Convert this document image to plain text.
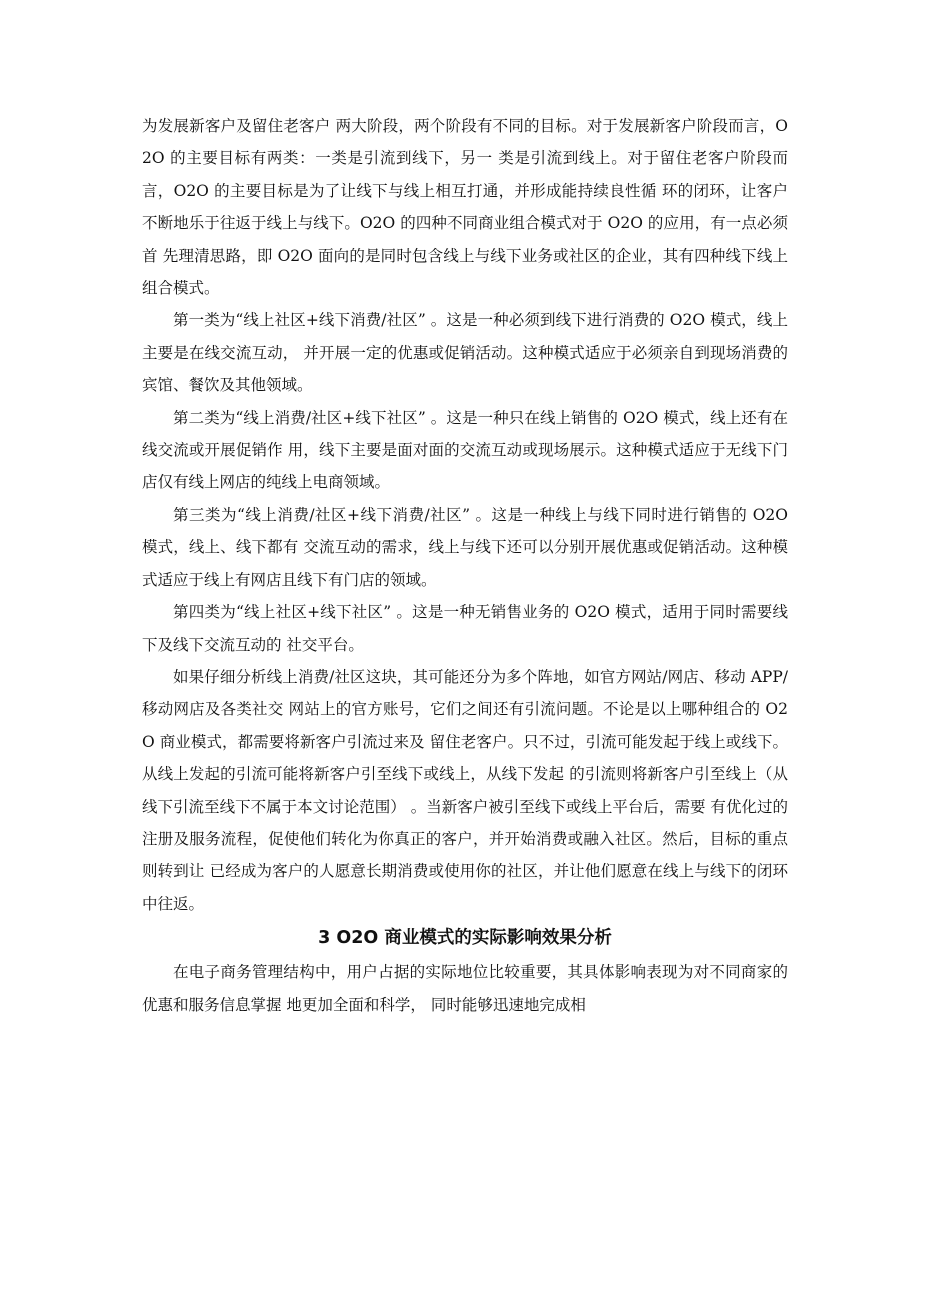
为发展新客户及留住老客户 两大阶段，两个阶段有不同的目标。对于发展新客户阶段而言，O2O 的主要目标有两类：一类是引流到线下，另一 类是引流到线上。对于留住老客户阶段而言，O2O 的主要目标是为了让线下与线上相互打通，并形成能持续良性循 环的闭环，让客户不断地乐于往返于线上与线下。O2O 的四种不同商业组合模式对于 O2O 的应用，有一点必须首 先理清思路，即 O2O 面向的是同时包含线上与线下业务或社区的企业，其有四种线下线上组合模式。

第一类为“线上社区+线下消费/社区” 。这是一种必须到线下进行消费的 O2O 模式，线上主要是在线交流互动， 并开展一定的优惠或促销活动。这种模式适应于必须亲自到现场消费的宾馆、餐饮及其他领域。

第二类为“线上消费/社区+线下社区” 。这是一种只在线上销售的 O2O 模式，线上还有在线交流或开展促销作 用，线下主要是面对面的交流互动或现场展示。这种模式适应于无线下门店仅有线上网店的纯线上电商领域。

第三类为“线上消费/社区+线下消费/社区” 。这是一种线上与线下同时进行销售的 O2O 模式，线上、线下都有 交流互动的需求，线上与线下还可以分别开展优惠或促销活动。这种模式适应于线上有网店且线下有门店的领域。

第四类为“线上社区+线下社区” 。这是一种无销售业务的 O2O 模式，适用于同时需要线下及线下交流互动的 社交平台。

如果仔细分析线上消费/社区这块，其可能还分为多个阵地，如官方网站/网店、移动 APP/移动网店及各类社交 网站上的官方账号，它们之间还有引流问题。不论是以上哪种组合的 O2O 商业模式，都需要将新客户引流过来及 留住老客户。只不过，引流可能发起于线上或线下。从线上发起的引流可能将新客户引至线下或线上，从线下发起 的引流则将新客户引至线上（从线下引流至线下不属于本文讨论范围） 。当新客户被引至线下或线上平台后，需要 有优化过的注册及服务流程，促使他们转化为你真正的客户，并开始消费或融入社区。然后，目标的重点则转到让 已经成为客户的人愿意长期消费或使用你的社区，并让他们愿意在线上与线下的闭环中往返。

3 O2O 商业模式的实际影响效果分析

在电子商务管理结构中，用户占据的实际地位比较重要，其具体影响表现为对不同商家的优惠和服务信息掌握 地更加全面和科学， 同时能够迅速地完成相
